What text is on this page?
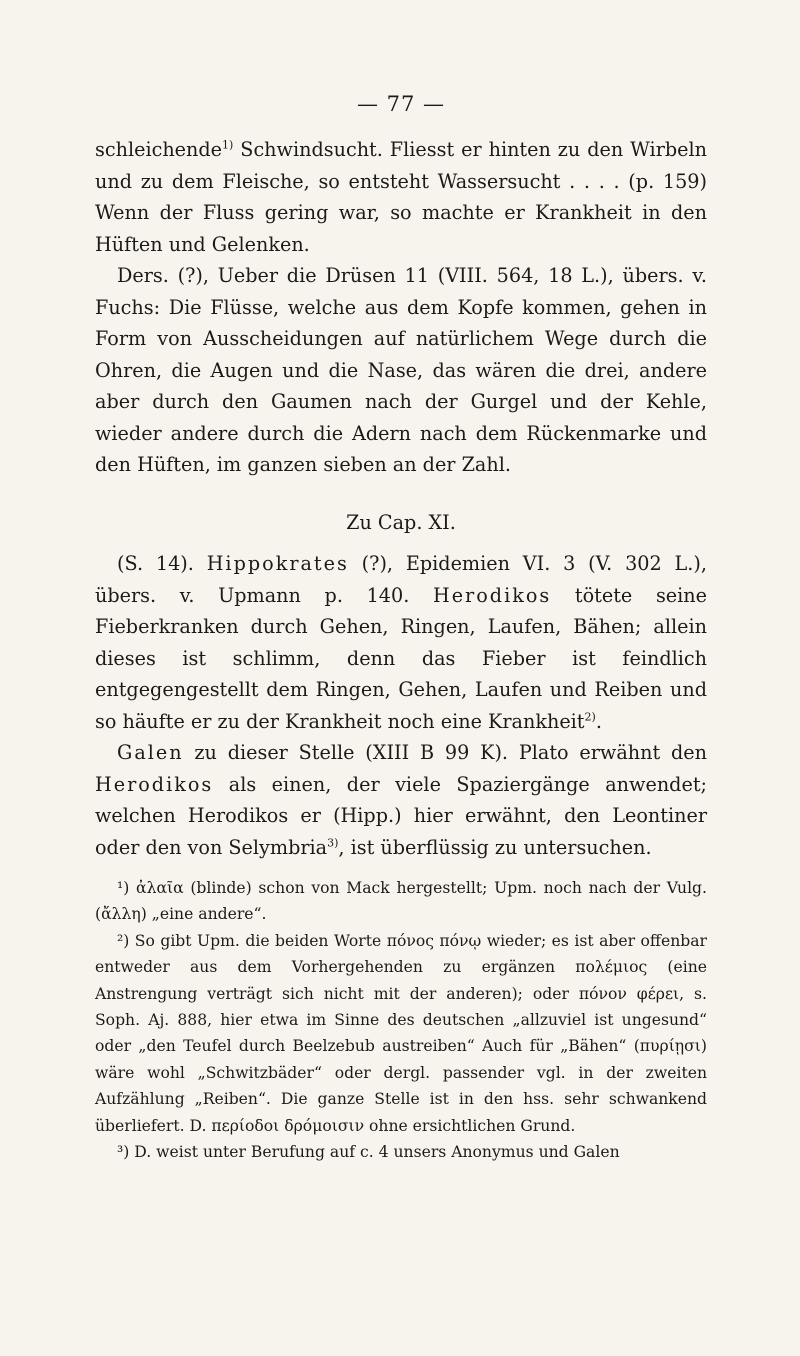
— 77 —

schleichende$^{1)}$ Schwindsucht. Fliesst er hinten zu den Wirbeln und zu dem Fleische, so entsteht Wassersucht . . . . (p. 159) Wenn der Fluss gering war, so machte er Krankheit in den Hüften und Gelenken.

Ders. (?), Ueber die Drüsen 11 (VIII. 564, 18 L.), übers. v. Fuchs: Die Flüsse, welche aus dem Kopfe kommen, gehen in Form von Ausscheidungen auf natürlichem Wege durch die Ohren, die Augen und die Nase, das wären die drei, andere aber durch den Gaumen nach der Gurgel und der Kehle, wieder andere durch die Adern nach dem Rückenmarke und den Hüften, im ganzen sieben an der Zahl.

Zu Cap. XI.

(S. 14). Hippokrates (?), Epidemien VI. 3 (V. 302 L.), übers. v. Upmann p. 140. Herodikos tötete seine Fieberkranken durch Gehen, Ringen, Laufen, Bähen; allein dieses ist schlimm, denn das Fieber ist feindlich entgegengestellt dem Ringen, Gehen, Laufen und Reiben und so häufte er zu der Krankheit noch eine Krankheit$^{2)}$.

Galen zu dieser Stelle (XIII B 99 K). Plato erwähnt den Herodikos als einen, der viele Spaziergänge anwendet; welchen Herodikos er (Hipp.) hier erwähnt, den Leontiner oder den von Selymbria$^{3)}$, ist überflüssig zu untersuchen.

¹) ἀλαῖα (blinde) schon von Mack hergestellt; Upm. noch nach der Vulg. (ἄλλη) „eine andere“.

²) So gibt Upm. die beiden Worte πόνος πόνῳ wieder; es ist aber offenbar entweder aus dem Vorhergehenden zu ergänzen πολέμιος (eine Anstrengung verträgt sich nicht mit der anderen); oder πόνον φέρει, s. Soph. Aj. 888, hier etwa im Sinne des deutschen „allzuviel ist ungesund“ oder „den Teufel durch Beelzebub austreiben“ Auch für „Bähen“ (πυρίῃσι) wäre wohl „Schwitzbäder“ oder dergl. passender vgl. in der zweiten Aufzählung „Reiben“. Die ganze Stelle ist in den hss. sehr schwankend überliefert. D. περίοδοι δρόμοισιν ohne ersichtlichen Grund.

³) D. weist unter Berufung auf c. 4 unsers Anonymus und Galen
